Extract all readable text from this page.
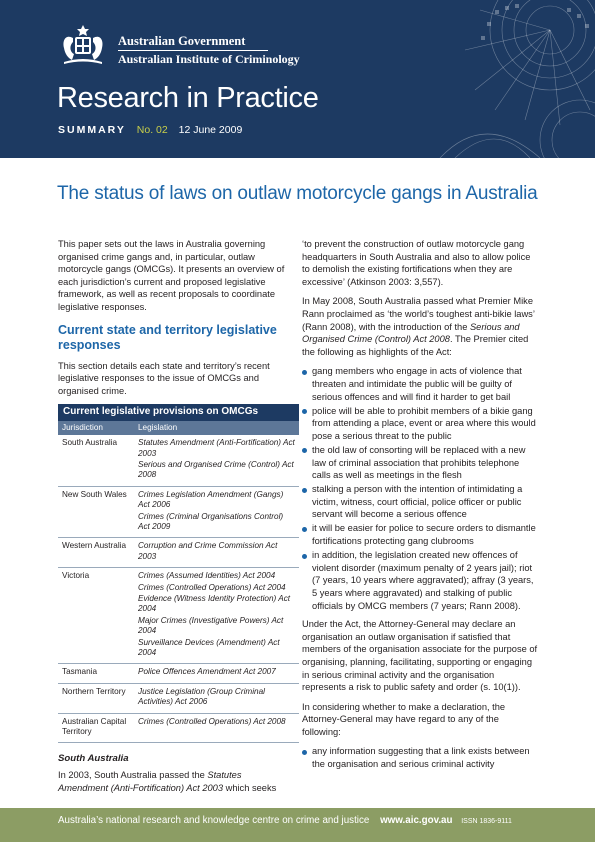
Australian Government
Australian Institute of Criminology
Research in Practice
SUMMARY No. 02 12 June 2009
The status of laws on outlaw motorcycle gangs in Australia

This paper sets out the laws in Australia governing organised crime gangs and, in particular, outlaw motorcycle gangs (OMCGs). It presents an overview of each jurisdiction’s current and proposed legislative framework, as well as recent proposals to coordinate legislative responses.

Current state and territory legislative responses

This section details each state and territory’s recent legislative responses to the issue of OMCGs and organised crime.

Current legislative provisions on OMCGs	
Jurisdiction	Legislation
South Australia	Statutes Amendment (Anti-Fortification) Act 2003
Serious and Organised Crime (Control) Act 2008

New South Wales	Crimes Legislation Amendment (Gangs) Act 2006
Crimes (Criminal Organisations Control) Act 2009

Western Australia	Corruption and Crime Commission Act 2003

Victoria	Crimes (Assumed Identities) Act 2004
Crimes (Controlled Operations) Act 2004
Evidence (Witness Identity Protection) Act 2004
Major Crimes (Investigative Powers) Act 2004
Surveillance Devices (Amendment) Act 2004

Tasmania	Police Offences Amendment Act 2007

Northern Territory	Justice Legislation (Group Criminal Activities) Act 2006

Australian Capital Territory	Crimes (Controlled Operations) Act 2008
South Australia

In 2003, South Australia passed the Statutes Amendment (Anti-Fortification) Act 2003 which seeks

‘to prevent the construction of outlaw motorcycle gang headquarters in South Australia and also to allow police to demolish the existing fortifications when they are excessive’ (Atkinson 2003: 3,557).

In May 2008, South Australia passed what Premier Mike Rann proclaimed as ‘the world’s toughest anti-bikie laws’ (Rann 2008), with the introduction of the Serious and Organised Crime (Control) Act 2008. The Premier cited the following as highlights of the Act:

gang members who engage in acts of violence that threaten and intimidate the public will be guilty of serious offences and will find it harder to get bail
police will be able to prohibit members of a bikie gang from attending a place, event or area where this would pose a serious threat to the public
the old law of consorting will be replaced with a new law of criminal association that prohibits telephone calls as well as meetings in the flesh
stalking a person with the intention of intimidating a victim, witness, court official, police officer or public servant will become a serious offence
it will be easier for police to secure orders to dismantle fortifications protecting gang clubrooms
in addition, the legislation created new offences of violent disorder (maximum penalty of 2 years jail); riot (7 years, 10 years where aggravated); affray (3 years, 5 years where aggravated) and stalking of public officials by OMCG members (7 years; Rann 2008).

Under the Act, the Attorney-General may declare an organisation an outlaw organisation if satisfied that members of the organisation associate for the purpose of organising, planning, facilitating, supporting or engaging in serious criminal activity and the organisation represents a risk to public safety and order (s. 10(1)).

In considering whether to make a declaration, the Attorney-General may have regard to any of the following:

any information suggesting that a link exists between the organisation and serious criminal activity
Australia’s national research and knowledge centre on crime and justice www.aic.gov.au ISSN 1836-9111
